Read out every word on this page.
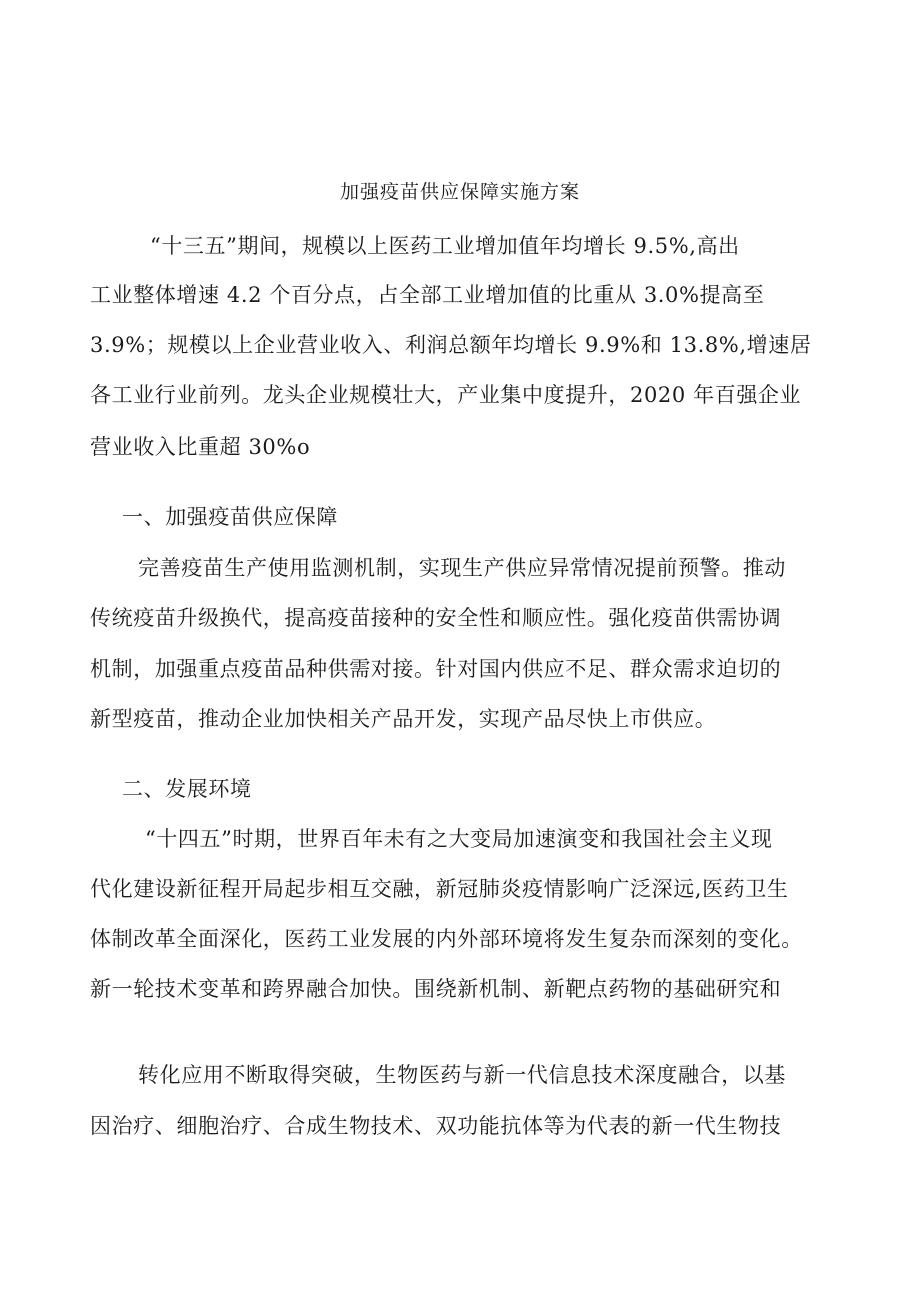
加强疫苗供应保障实施方案
“十三五”期间，规模以上医药工业增加值年均增长 9.5%,高出
工业整体增速 4.2 个百分点，占全部工业增加值的比重从 3.0%提高至
3.9%；规模以上企业营业收入、利润总额年均增长 9.9%和 13.8%,增速居
各工业行业前列。龙头企业规模壮大，产业集中度提升，2020 年百强企业
营业收入比重超 30%o
一、加强疫苗供应保障
完善疫苗生产使用监测机制，实现生产供应异常情况提前预警。推动
传统疫苗升级换代，提高疫苗接种的安全性和顺应性。强化疫苗供需协调
机制，加强重点疫苗品种供需对接。针对国内供应不足、群众需求迫切的
新型疫苗，推动企业加快相关产品开发，实现产品尽快上市供应。
二、发展环境
“十四五”时期，世界百年未有之大变局加速演变和我国社会主义现
代化建设新征程开局起步相互交融，新冠肺炎疫情影响广泛深远,医药卫生
体制改革全面深化，医药工业发展的内外部环境将发生复杂而深刻的变化。
新一轮技术变革和跨界融合加快。围绕新机制、新靶点药物的基础研究和
转化应用不断取得突破，生物医药与新一代信息技术深度融合，以基
因治疗、细胞治疗、合成生物技术、双功能抗体等为代表的新一代生物技
